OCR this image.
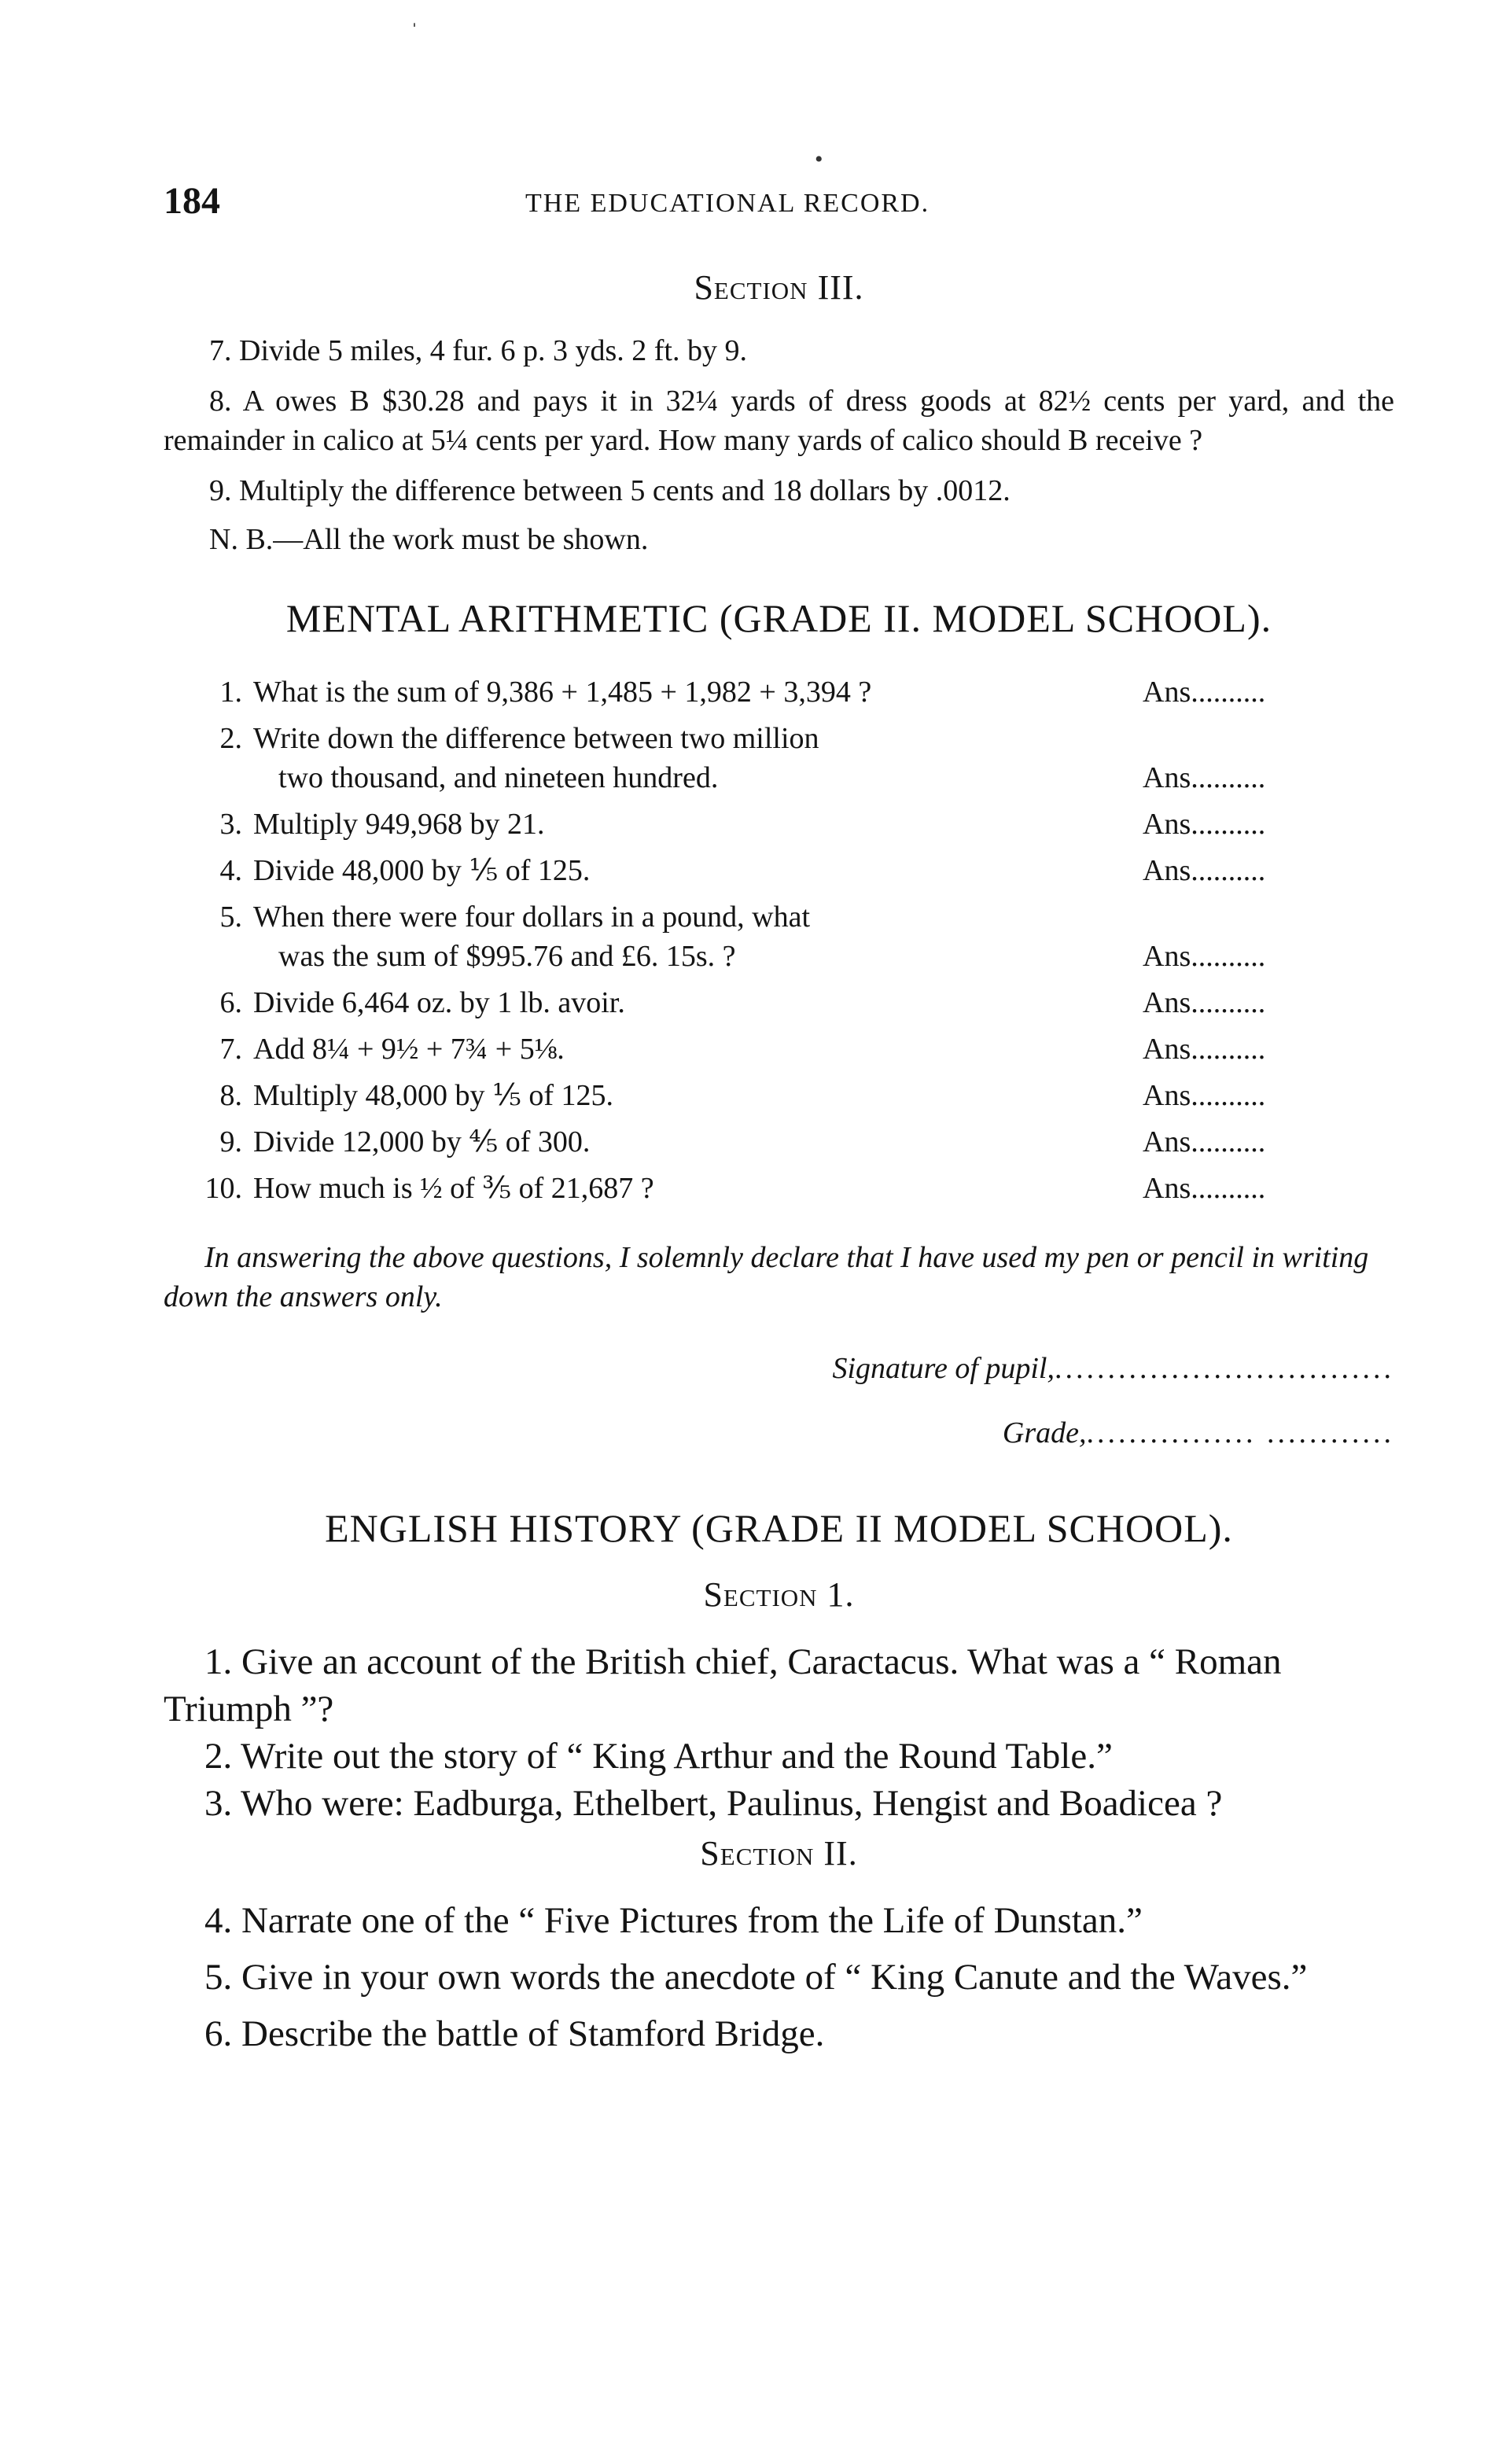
ˈ
•
184	THE EDUCATIONAL RECORD.
Section III.

7. Divide 5 miles, 4 fur. 6 p. 3 yds. 2 ft. by 9.

8. A owes B $30.28 and pays it in 32¼ yards of dress goods at 82½ cents per yard, and the remainder in calico at 5¼ cents per yard. How many yards of calico should B receive ?

9. Multiply the difference between 5 cents and 18 dollars by .0012.

N. B.—All the work must be shown.

MENTAL ARITHMETIC (GRADE II. MODEL SCHOOL).
1. What is the sum of 9,386 + 1,485 + 1,982 + 3,394 ?	Ans..........
2. Write down the difference between two million
two thousand, and nineteen hundred.	Ans..........
3. Multiply 949,968 by 21.	Ans..........
4. Divide 48,000 by ⅕ of 125.	Ans..........
5. When there were four dollars in a pound, what
was the sum of $995.76 and £6. 15s. ?	Ans..........
6. Divide 6,464 oz. by 1 lb. avoir.	Ans..........
7. Add 8¼ + 9½ + 7¾ + 5⅛.	Ans..........
8. Multiply 48,000 by ⅕ of 125.	Ans..........
9. Divide 12,000 by ⅘ of 300.	Ans..........
10. How much is ½ of ⅗ of 21,687 ?	Ans..........

In answering the above questions, I solemnly declare that I have used my pen or pencil in writing down the answers only.

Signature of pupil,................................
Grade,................ ............
ENGLISH HISTORY (GRADE II MODEL SCHOOL).
Section 1.

1. Give an account of the British chief, Caractacus. What was a “ Roman Triumph ”?

2. Write out the story of “ King Arthur and the Round Table.”

3. Who were: Eadburga, Ethelbert, Paulinus, Hengist and Boadicea ?

Section II.

4. Narrate one of the “ Five Pictures from the Life of Dunstan.”

5. Give in your own words the anecdote of “ King Canute and the Waves.”

6. Describe the battle of Stamford Bridge.
